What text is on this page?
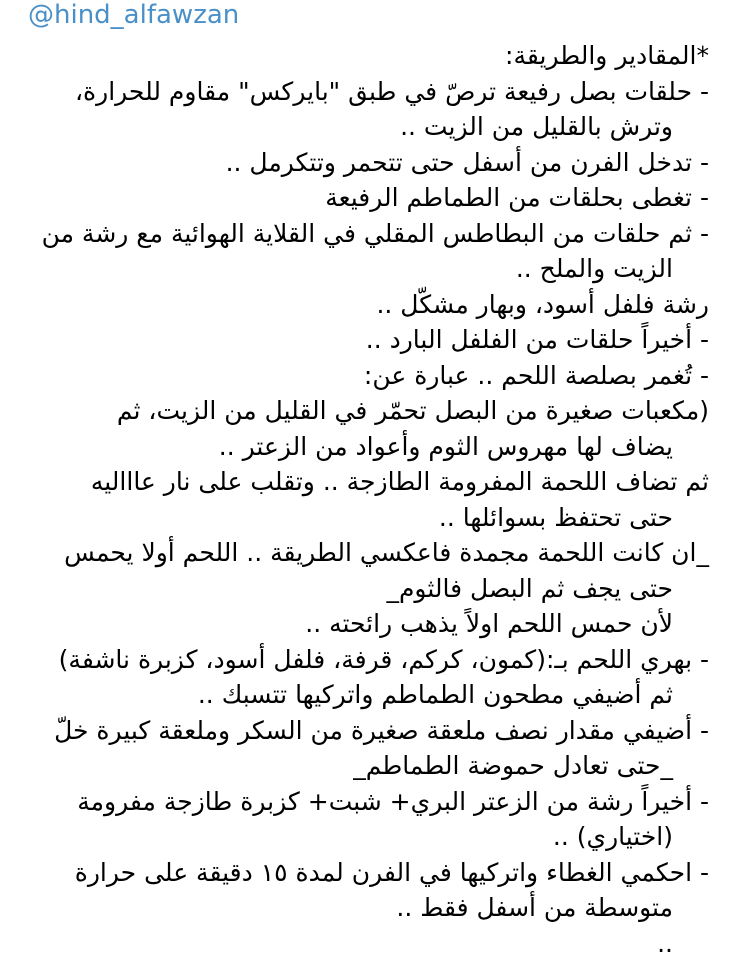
@hind_alfawzan
*المقادير والطريقة:
- حلقات بصل رفيعة ترصّ في طبق "بايركس" مقاوم للحرارة،
وترش بالقليل من الزيت ..
- تدخل الفرن من أسفل حتى تتحمر وتتكرمل ..
- تغطى بحلقات من الطماطم الرفيعة
- ثم حلقات من البطاطس المقلي في القلاية الهوائية مع رشة من
الزيت والملح ..
رشة فلفل أسود، وبهار مشكّل ..
- أخيراً حلقات من الفلفل البارد ..
- تُغمر بصلصة اللحم .. عبارة عن:
(مكعبات صغيرة من البصل تحمّر في القليل من الزيت، ثم
يضاف لها مهروس الثوم وأعواد من الزعتر ..
ثم تضاف اللحمة المفرومة الطازجة .. وتقلب على نار عاااليه
حتى تحتفظ بسوائلها ..
_ان كانت اللحمة مجمدة فاعكسي الطريقة .. اللحم أولا يحمس
حتى يجف ثم البصل فالثوم_
لأن حمس اللحم اولاً يذهب رائحته ..
- بهري اللحم بـ:(كمون، كركم، قرفة، فلفل أسود، كزبرة ناشفة)
ثم أضيفي مطحون الطماطم واتركيها تتسبك ..
- أضيفي مقدار نصف ملعقة صغيرة من السكر وملعقة كبيرة خلّ
_حتى تعادل حموضة الطماطم_
- أخيراً رشة من الزعتر البري+ شبت+ كزبرة طازجة مفرومة
(اختياري) ..
- احكمي الغطاء واتركيها في الفرن لمدة ١٥ دقيقة على حرارة
متوسطة من أسفل فقط ..
..
